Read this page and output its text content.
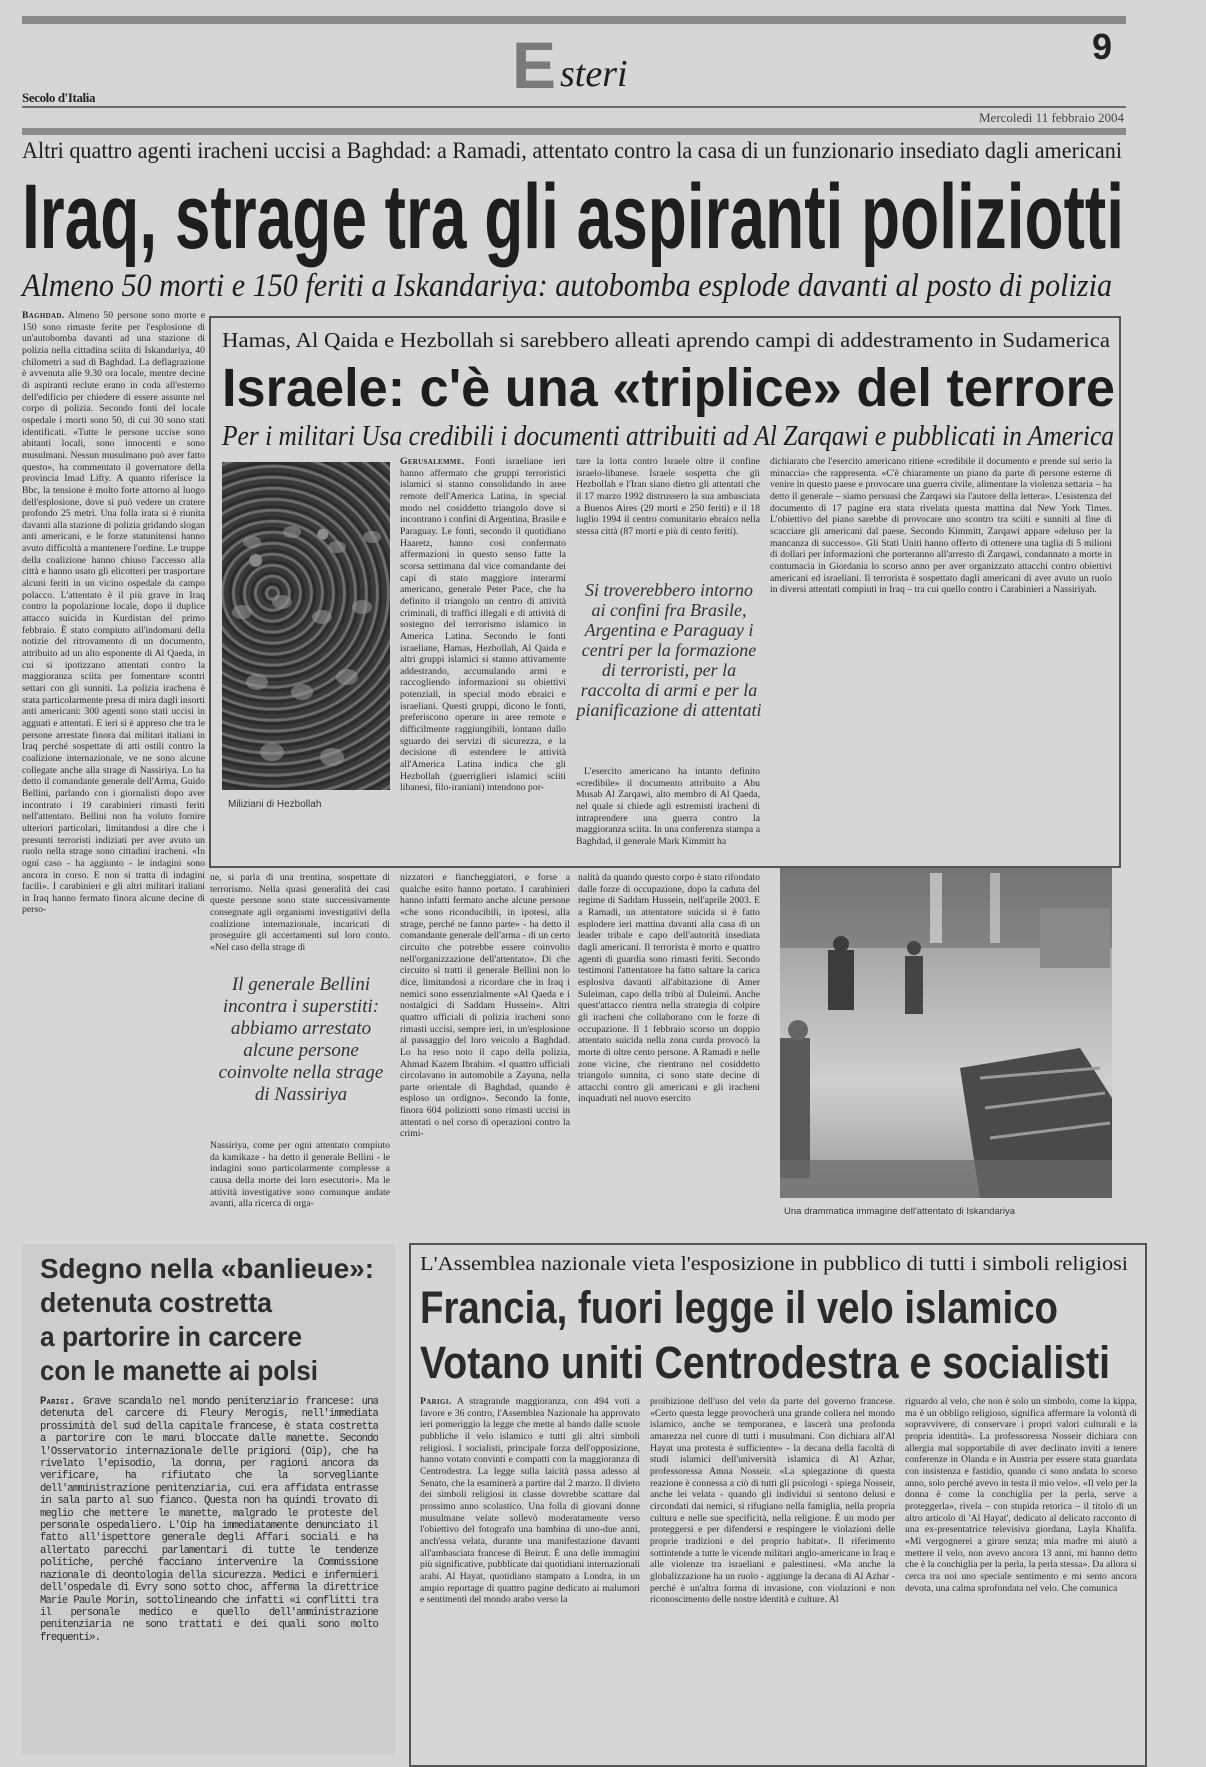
E steri
9
Secolo d'Italia
Mercoledì 11 febbraio 2004
Altri quattro agenti iracheni uccisi a Baghdad: a Ramadi, attentato contro la casa di un funzionario insediato dagli americani
Iraq, strage tra gli aspiranti poliziotti
Almeno 50 morti e 150 feriti a Iskandariya: autobomba esplode davanti al posto di polizia

Baghdad. Almeno 50 persone sono morte e 150 sono rimaste ferite per l'esplosione di un'autobomba davanti ad una stazione di polizia nella cittadina sciita di Iskandariya, 40 chilometri a sud di Baghdad. La deflagrazione è avvenuta alle 9.30 ora locale, mentre decine di aspiranti reclute erano in coda all'esterno dell'edificio per chiedere di essere assunte nel corpo di polizia. Secondo fonti del locale ospedale i morti sono 50, di cui 30 sono stati identificati. «Tutte le persone uccise sono abitanti locali, sono innocenti e sono musulmani. Nessun musulmano può aver fatto questo», ha commentato il governatore della provincia Imad Lifty. A quanto riferisce la Bbc, la tensione è molto forte attorno al luogo dell'esplosione, dove si può vedere un cratere profondo 25 metri. Una folla irata si è riunita davanti alla stazione di polizia gridando slogan anti americani, e le forze statunitensi hanno avuto difficoltà a mantenere l'ordine. Le truppe della coalizione hanno chiuso l'accesso alla città e hanno usato gli elicotteri per trasportare alcuni feriti in un vicino ospedale da campo polacco. L'attentato è il più grave in Iraq contro la popolazione locale, dopo il duplice attacco suicida in Kurdistan del primo febbraio. È stato compiuto all'indomani della notizie del ritrovamento di un documento, attribuito ad un alto esponente di Al Qaeda, in cui si ipotizzano attentati contro la maggioranza sciita per fomentare scontri settari con gli sunniti. La polizia irachena è stata particolarmente presa di mira dagli insorti anti americani: 300 agenti sono stati uccisi in agguati e attentati. E ieri si è appreso che tra le persone arrestate finora dai militari italiani in Iraq perché sospettate di atti ostili contro la coalizione internazionale, ve ne sono alcune collegate anche alla strage di Nassiriya. Lo ha detto il comandante generale dell'Arma, Guido Bellini, parlando con i giornalisti dopo aver incontrato i 19 carabinieri rimasti feriti nell'attentato. Bellini non ha voluto fornire ulteriori particolari, limitandosi a dire che i presunti terroristi indiziati per aver avuto un ruolo nella strage sono cittadini iracheni. «In ogni caso - ha aggiunto - le indagini sono ancora in corso. E non si tratta di indagini facili». I carabinieri e gli altri militari italiani in Iraq hanno fermato finora alcune decine di perso-

Hamas, Al Qaida e Hezbollah si sarebbero alleati aprendo campi di addestramento in Sudamerica
Israele: c'è una «triplice» del terrore
Per i militari Usa credibili i documenti attribuiti ad Al Zarqawi e pubblicati in America
Miliziani di Hezbollah

Gerusalemme. Fonti israeliane ieri hanno affermato che gruppi terroristici islamici si stanno consolidando in aree remote dell'America Latina, in special modo nel cosiddetto triangolo dove si incontrano i confini di Argentina, Brasile e Paraguay. Le fonti, secondo il quotidiano Haaretz, hanno così confermato affermazioni in questo senso fatte la scorsa settimana dal vice comandante dei capi di stato maggiore interarmi americano, generale Peter Pace, che ha definito il triangolo un centro di attività criminali, di traffici illegali e di attività di sostegno del terrorismo islamico in America Latina. Secondo le fonti israeliane, Hamas, Hezbollah, Al Qaida e altri gruppi islamici si stanno attivamente addestrando, accumulando armi e raccogliendo informazioni su obiettivi potenziali, in special modo ebraici e israeliani. Questi gruppi, dicono le fonti, preferiscono operare in aree remote e difficilmente raggiungibili, lontano dallo sguardo dei servizi di sicurezza, e la decisione di estendere le attività all'America Latina indica che gli Hezbollah (guerriglieri islamici sciiti libanesi, filo-iraniani) intendono por-

tare la lotta contro Israele oltre il confine israelo-libanese. Israele sospetta che gli Hezbollah e l'Iran siano dietro gli attentati che il 17 marzo 1992 distrussero la sua ambasciata a Buenos Aires (29 morti e 250 feriti) e il 18 luglio 1994 il centro comunitario ebraico nella stessa città (87 morti e più di cento feriti).

Si troverebbero intorno ai confini fra Brasile, Argentina e Paraguay i centri per la formazione di terroristi, per la raccolta di armi e per la pianificazione di attentati

L'esercito americano ha intanto definito «credibile» il documento attribuito a Abu Musab Al Zarqawi, alto membro di Al Qaeda, nel quale si chiede agli estremisti iracheni di intraprendere una guerra contro la maggioranza sciita. In una conferenza stampa a Baghdad, il generale Mark Kimmitt ha

dichiarato che l'esercito americano ritiene «credibile il documento e prende sul serio la minaccia» che rappresenta. «C'è chiaramente un piano da parte di persone esterne di venire in questo paese e provocare una guerra civile, alimentare la violenza settaria – ha detto il generale – siamo persuasi che Zarqawi sia l'autore della lettera». L'esistenza del documento di 17 pagine era stata rivelata questa mattina dal New York Times. L'obiettivo del piano sarebbe di provocare uno scontro tra sciiti e sunniti al fine di scacciare gli americani dal paese. Secondo Kimmitt, Zarqawi appare «deluso per la mancanza di successo». Gli Stati Uniti hanno offerto di ottenere una taglia di 5 milioni di dollari per informazioni che porteranno all'arresto di Zarqawi, condannato a morte in contumacia in Giordania lo scorso anno per aver organizzato attacchi contro obiettivi americani ed israeliani. Il terrorista è sospettato dagli americani di aver avuto un ruolo in diversi attentati compiuti in Iraq – tra cui quello contro i Carabinieri a Nassiriyah.

ne, si parla di una trentina, sospettate di terrorismo. Nella quasi generalità dei casi queste persone sono state successivamente consegnate agli organismi investigativi della coalizione internazionale, incaricati di proseguire gli accertamenti sul loro conto. «Nel caso della strage di

Il generale Bellini incontra i superstiti: abbiamo arrestato alcune persone coinvolte nella strage di Nassiriya

Nassiriya, come per ogni attentato compiuto da kamikaze - ha detto il generale Bellini - le indagini sono particolarmente complesse a causa della morte dei loro esecutori». Ma le attività investigative sono comunque andate avanti, alla ricerca di orga-

nizzatori e fiancheggiatori, e forse a qualche esito hanno portato. I carabinieri hanno infatti fermato anche alcune persone «che sono riconducibili, in ipotesi, alla strage, perché ne fanno parte» - ha detto il comandante generale dell'arma - di un certo circuito che potrebbe essere coinvolto nell'organizzazione dell'attentato». Di che circuito si tratti il generale Bellini non lo dice, limitandosi a ricordare che in Iraq i nemici sono essenzialmente «Al Qaeda e i nostalgici di Saddam Hussein». Altri quattro ufficiali di polizia iracheni sono rimasti uccisi, sempre ieri, in un'esplosione al passaggio del loro veicolo a Baghdad. Lo ha reso noto il capo della polizia, Ahmad Kazem Ibrahim. «I quattro ufficiali circolavano in automobile a Zayuna, nella parte orientale di Baghdad, quando è esploso un ordigno». Secondo la fonte, finora 604 poliziotti sono rimasti uccisi in attentati o nel corso di operazioni contro la crimi-

nalità da quando questo corpo è stato rifondato dalle forze di occupazione, dopo la caduta del regime di Saddam Hussein, nell'aprile 2003. E a Ramadi, un attentatore suicida si è fatto esplodere ieri mattina davanti alla casa di un leader tribale e capo dell'autorità insediata dagli americani. Il terrorista è morto e quattro agenti di guardia sono rimasti feriti. Secondo testimoni l'attentatore ha fatto saltare la carica esplosiva davanti all'abitazione di Amer Suleiman, capo della tribù al Duleimi. Anche quest'attacco rientra nella strategia di colpire gli iracheni che collaborano con le forze di occupazione. Il 1 febbraio scorso un doppio attentato suicida nella zona curda provocò la morte di oltre cento persone. A Ramadi e nelle zone vicine, che rientrano nel cosiddetto triangolo sunnita, ci sono state decine di attacchi contro gli americani e gli iracheni inquadrati nel nuovo esercito

Una drammatica immagine dell'attentato di Iskandariya
Sdegno nella «banlieue»:
detenuta costretta
a partorire in carcere
con le manette ai polsi

Parigi. Grave scandalo nel mondo penitenziario francese: una detenuta del carcere di Fleury Merogis, nell'immediata prossimità del sud della capitale francese, è stata costretta a partorire con le mani bloccate dalle manette. Secondo l'Osservatorio internazionale delle prigioni (Oip), che ha rivelato l'episodio, la donna, per ragioni ancora da verificare, ha rifiutato che la sorvegliante dell'amministrazione penitenziaria, cui era affidata entrasse in sala parto al suo fianco. Questa non ha quindi trovato di meglio che mettere le manette, malgrado le proteste del personale ospedaliero. L'Oip ha immediatamente denunciato il fatto all'ispettore generale degli Affari sociali e ha allertato parecchi parlamentari di tutte le tendenze politiche, perché facciano intervenire la Commissione nazionale di deontologia della sicurezza. Medici e infermieri dell'ospedale di Evry sono sotto choc, afferma la direttrice Marie Paule Morin, sottolineando che infatti «i conflitti tra il personale medico e quello dell'amministrazione penitenziaria ne sono trattati e dei quali sono molto frequenti».

L'Assemblea nazionale vieta l'esposizione in pubblico di tutti i simboli religiosi
Francia, fuori legge il velo islamico
Votano uniti Centrodestra e socialisti

Parigi. A stragrande maggioranza, con 494 voti a favore e 36 contro, l'Assemblea Nazionale ha approvato ieri pomeriggio la legge che mette al bando dalle scuole pubbliche il velo islamico e tutti gli altri simboli religiosi. I socialisti, principale forza dell'opposizione, hanno votato convinti e compatti con la maggioranza di Centrodestra. La legge sulla laicità passa adesso al Senato, che la esaminerà a partire dal 2 marzo. Il divieto dei simboli religiosi in classe dovrebbe scattare dal prossimo anno scolastico. Una folla di giovani donne musulmane velate sollevò moderatamente verso l'obiettivo del fotografo una bambina di uno-due anni, anch'essa velata, durante una manifestazione davanti all'ambasciata francese di Beirut. È una delle immagini più significative, pubblicate dai quotidiani internazionali arabi. Al Hayat, quotidiano stampato a Londra, in un ampio reportage di quattro pagine dedicato ai malumori e sentimenti del mondo arabo verso la

proibizione dell'uso del velo da parte del governo francese. «Certo questa legge provocherà una grande collera nel mondo islamico, anche se temporanea, e lascerà una profonda amarezza nel cuore di tutti i musulmani. Con dichiara all'Al Hayat una protesta è sufficiente» - la decana della facoltà di studi islamici dell'università islamica di Al Azhar, professoressa Amna Nosseir. «La spiegazione di questa reazione è connessa a ciò di tutti gli psicologi - spiega Nosseir, anche lei velata - quando gli individui si sentono delusi e circondati dai nemici, si rifugiano nella famiglia, nella propria cultura e nelle sue specificità, nella religione. È un modo per proteggersi e per difendersi e respingere le violazioni delle proprie tradizioni e del proprio habitat». Il riferimento sottintende a tutte le vicende militari anglo-americane in Iraq e alle violenze tra israeliani e palestinesi. «Ma anche la globalizzazione ha un ruolo - aggiunge la decana di Al Azhar - perché è un'altra forma di invasione, con violazioni e non riconoscimento delle nostre identità e culture. Al

riguardo al velo, che non è solo un simbolo, come la kippa, ma è un obbligo religioso, significa affermare la volontà di sopravvivere, di conservare i propri valori culturali e la propria identità». La professoressa Nosseir dichiara con allergia mal sopportabile di aver declinato inviti a tenere conferenze in Olanda e in Austria per essere stata guardata con insistenza e fastidio, quando ci sono andata lo scorso anno, solo perché avevo in testa il mio velo». «Il velo per la donna è come la conchiglia per la perla, serve a proteggerla», rivela – con stupida retorica – il titolo di un altro articolo di 'Al Hayat', dedicato al delicato racconto di una ex-presentatrice televisiva giordana, Layla Khalifa. «Mi vergognerei a girare senza; mia madre mi aiutò a mettere il velo, non avevo ancora 13 anni, mi hanno detto che è la conchiglia per la perla, la perla stessa». Da allora si cerca tra noi uno speciale sentimento e mi sento ancora devota, una calma sprofondata nel velo. Che comunica
